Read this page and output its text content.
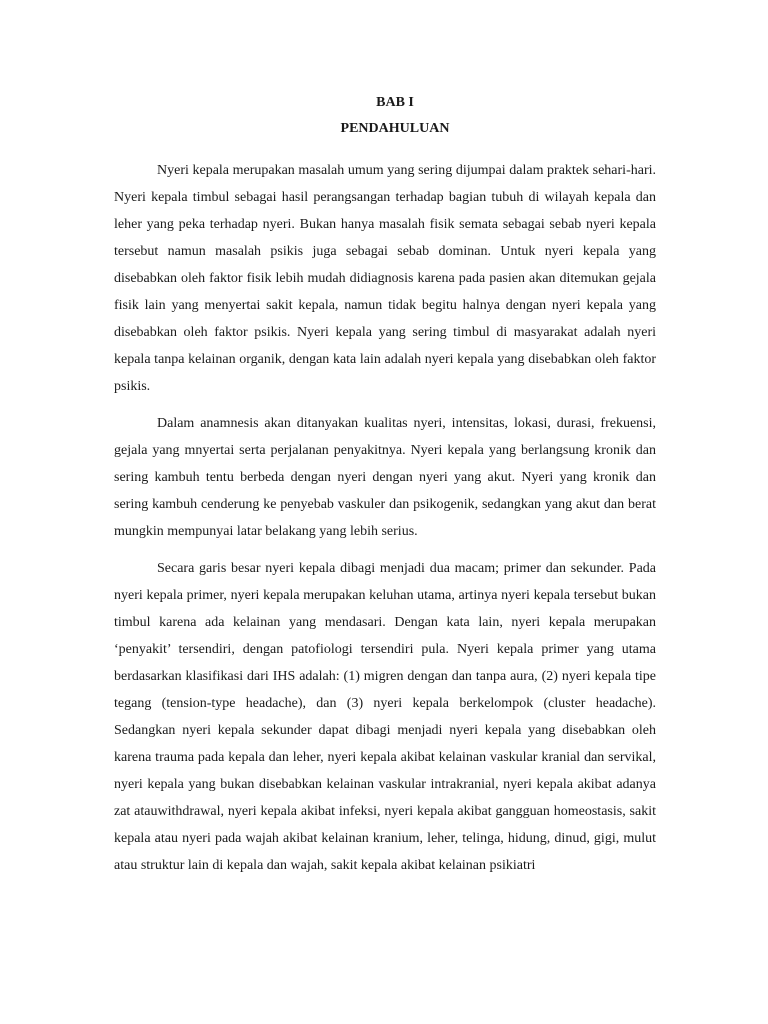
BAB I

PENDAHULUAN

Nyeri kepala merupakan masalah umum yang sering dijumpai dalam praktek sehari-hari. Nyeri kepala timbul sebagai hasil perangsangan terhadap bagian tubuh di wilayah kepala dan leher yang peka terhadap nyeri. Bukan hanya masalah fisik semata sebagai sebab nyeri kepala tersebut namun masalah psikis juga sebagai sebab dominan. Untuk nyeri kepala yang disebabkan oleh faktor fisik lebih mudah didiagnosis karena pada pasien akan ditemukan gejala fisik lain yang menyertai sakit kepala, namun tidak begitu halnya dengan nyeri kepala yang disebabkan oleh faktor psikis. Nyeri kepala yang sering timbul di masyarakat adalah nyeri kepala tanpa kelainan organik, dengan kata lain adalah nyeri kepala yang disebabkan oleh faktor psikis.

Dalam anamnesis akan ditanyakan kualitas nyeri, intensitas, lokasi, durasi, frekuensi, gejala yang mnyertai serta perjalanan penyakitnya. Nyeri kepala yang berlangsung kronik dan sering kambuh tentu berbeda dengan nyeri dengan nyeri yang akut. Nyeri yang kronik dan sering kambuh cenderung ke penyebab vaskuler dan psikogenik, sedangkan yang akut dan berat mungkin mempunyai latar belakang yang lebih serius.

Secara garis besar nyeri kepala dibagi menjadi dua macam; primer dan sekunder. Pada nyeri kepala primer, nyeri kepala merupakan keluhan utama, artinya nyeri kepala tersebut bukan timbul karena ada kelainan yang mendasari. Dengan kata lain, nyeri kepala merupakan ‘penyakit’ tersendiri, dengan patofiologi tersendiri pula. Nyeri kepala primer yang utama berdasarkan klasifikasi dari IHS adalah: (1) migren dengan dan tanpa aura, (2) nyeri kepala tipe tegang (tension-type headache), dan (3) nyeri kepala berkelompok (cluster headache). Sedangkan nyeri kepala sekunder dapat dibagi menjadi nyeri kepala yang disebabkan oleh karena trauma pada kepala dan leher, nyeri kepala akibat kelainan vaskular kranial dan servikal, nyeri kepala yang bukan disebabkan kelainan vaskular intrakranial, nyeri kepala akibat adanya zat atauwithdrawal, nyeri kepala akibat infeksi, nyeri kepala akibat gangguan homeostasis, sakit kepala atau nyeri pada wajah akibat kelainan kranium, leher, telinga, hidung, dinud, gigi, mulut atau struktur lain di kepala dan wajah, sakit kepala akibat kelainan psikiatri
